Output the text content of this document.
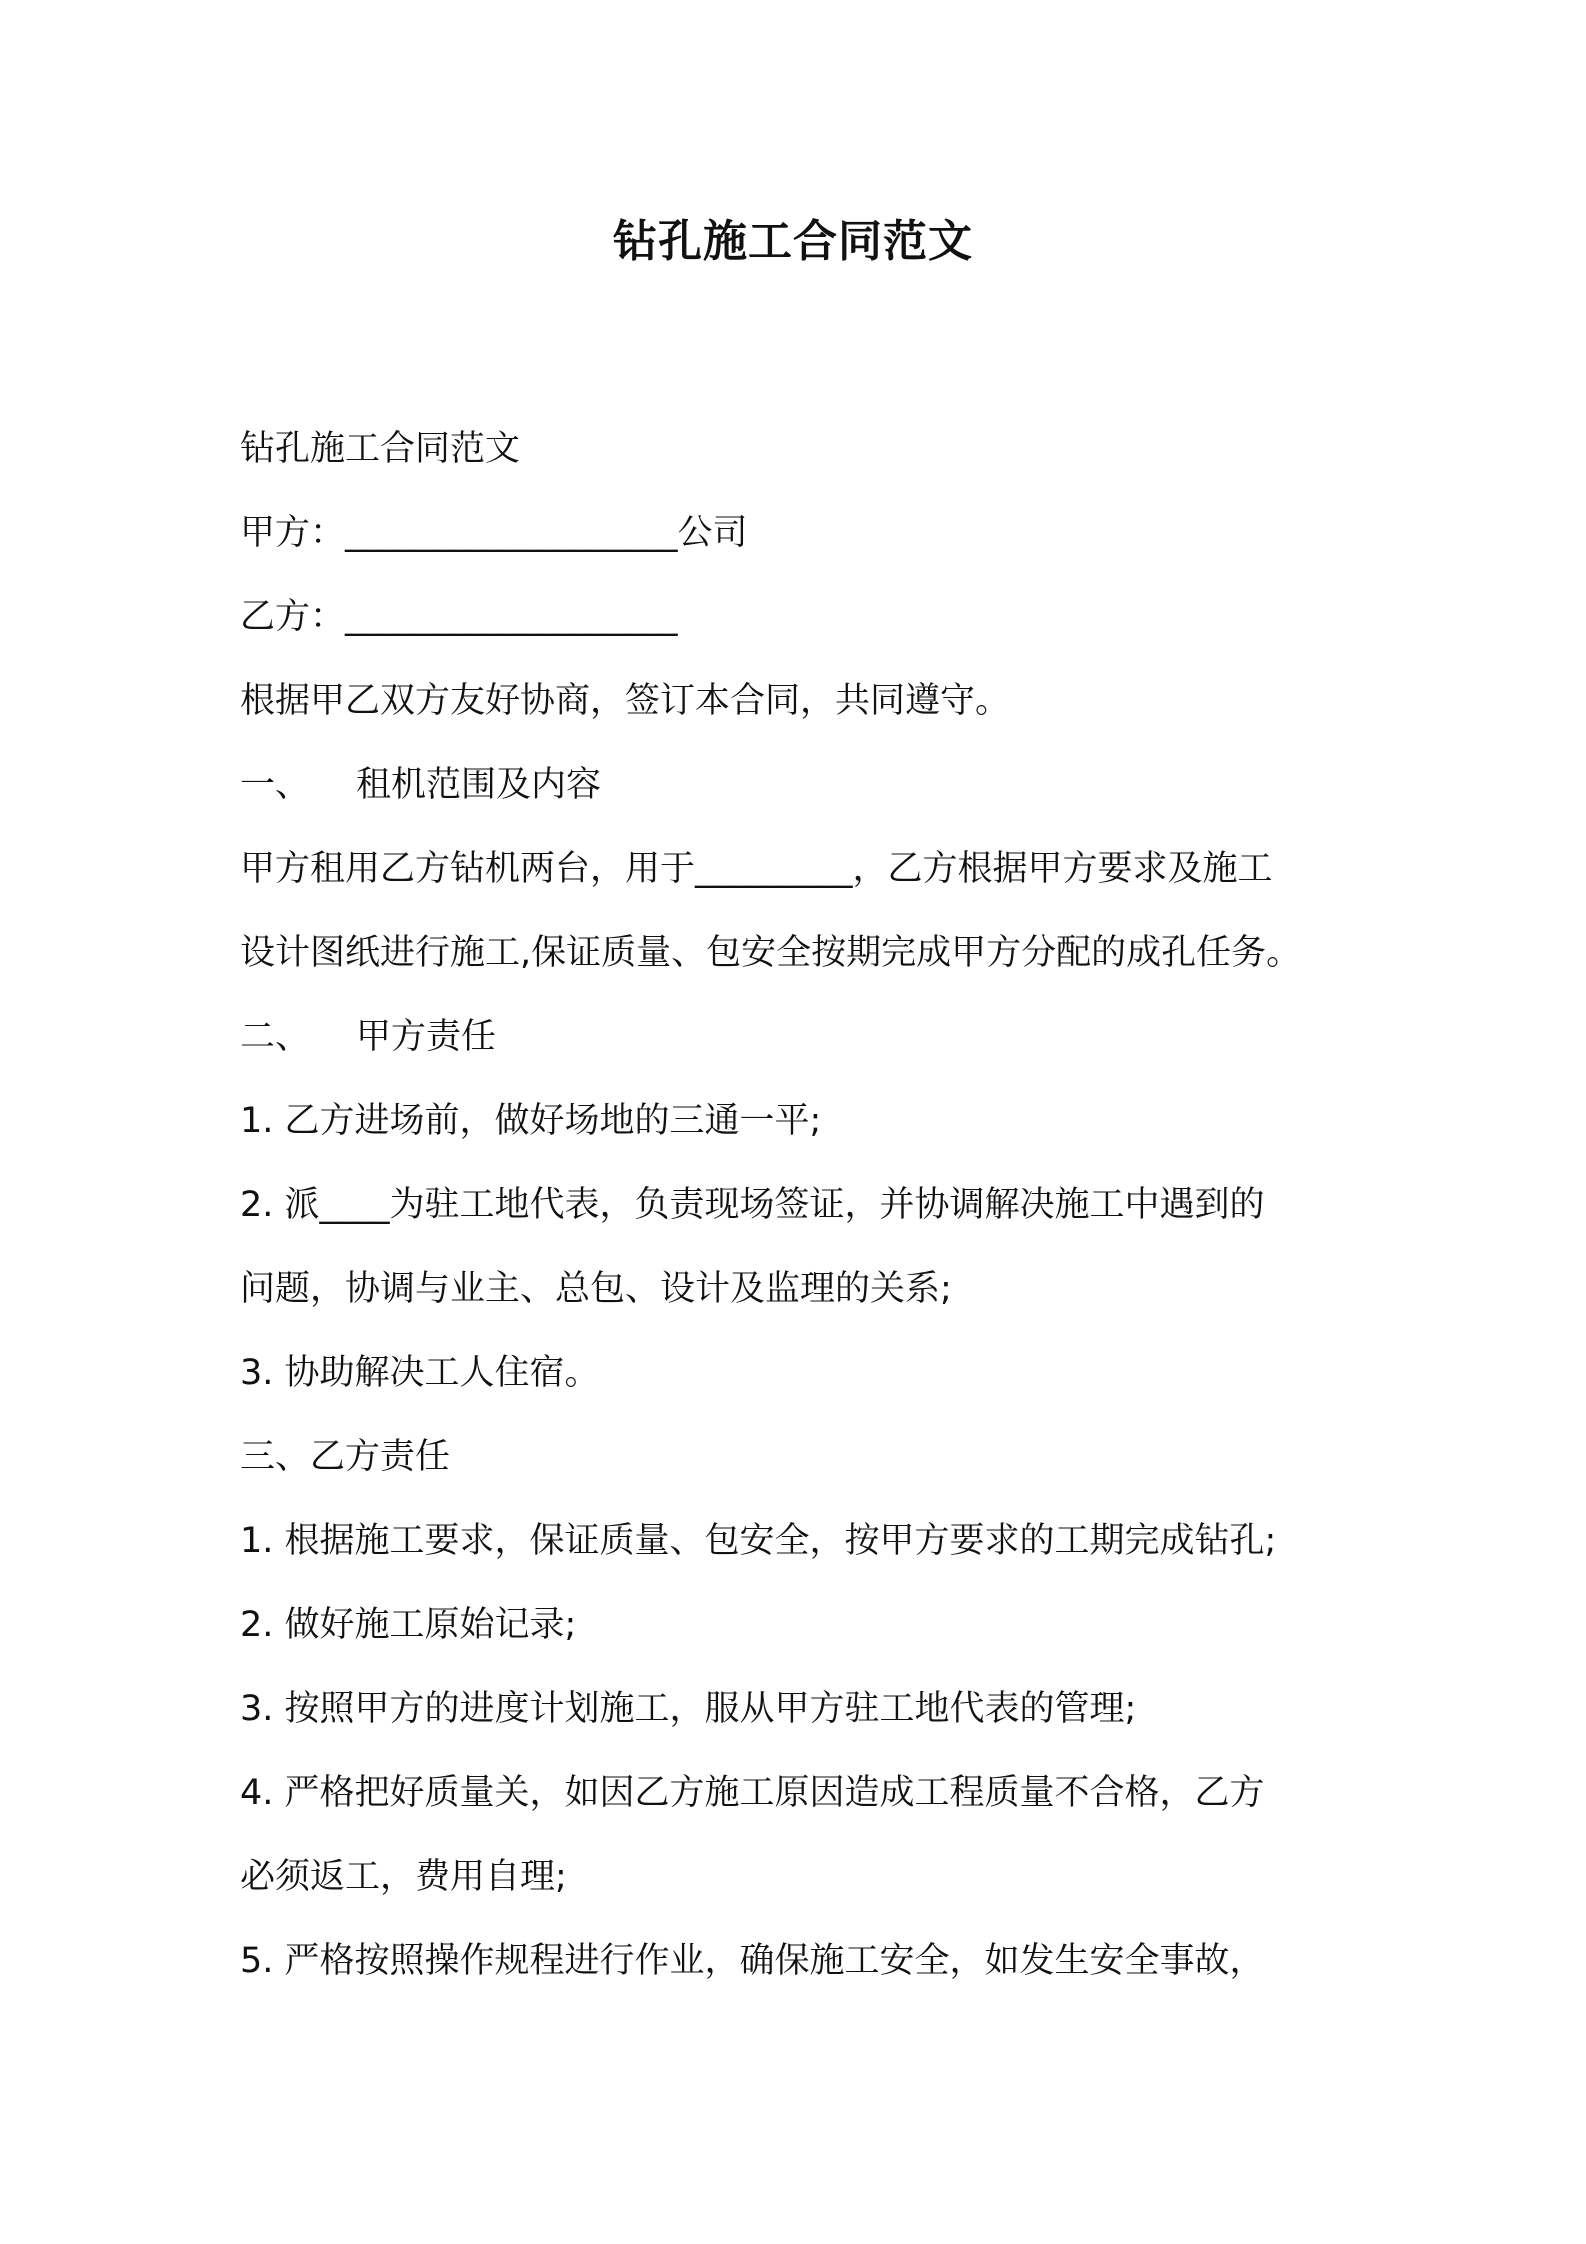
钻孔施工合同范文

钻孔施工合同范文

甲方：___________________公司

乙方：___________________

根据甲乙双方友好协商，签订本合同，共同遵守。

一、 租机范围及内容

甲方租用乙方钻机两台，用于_________，乙方根据甲方要求及施工

设计图纸进行施工,保证质量、包安全按期完成甲方分配的成孔任务。

二、 甲方责任

1. 乙方进场前，做好场地的三通一平;

2. 派____为驻工地代表，负责现场签证，并协调解决施工中遇到的

问题，协调与业主、总包、设计及监理的关系;

3. 协助解决工人住宿。

三、乙方责任

1. 根据施工要求，保证质量、包安全，按甲方要求的工期完成钻孔;

2. 做好施工原始记录;

3. 按照甲方的进度计划施工，服从甲方驻工地代表的管理;

4. 严格把好质量关，如因乙方施工原因造成工程质量不合格，乙方

必须返工，费用自理;

5. 严格按照操作规程进行作业，确保施工安全，如发生安全事故，
